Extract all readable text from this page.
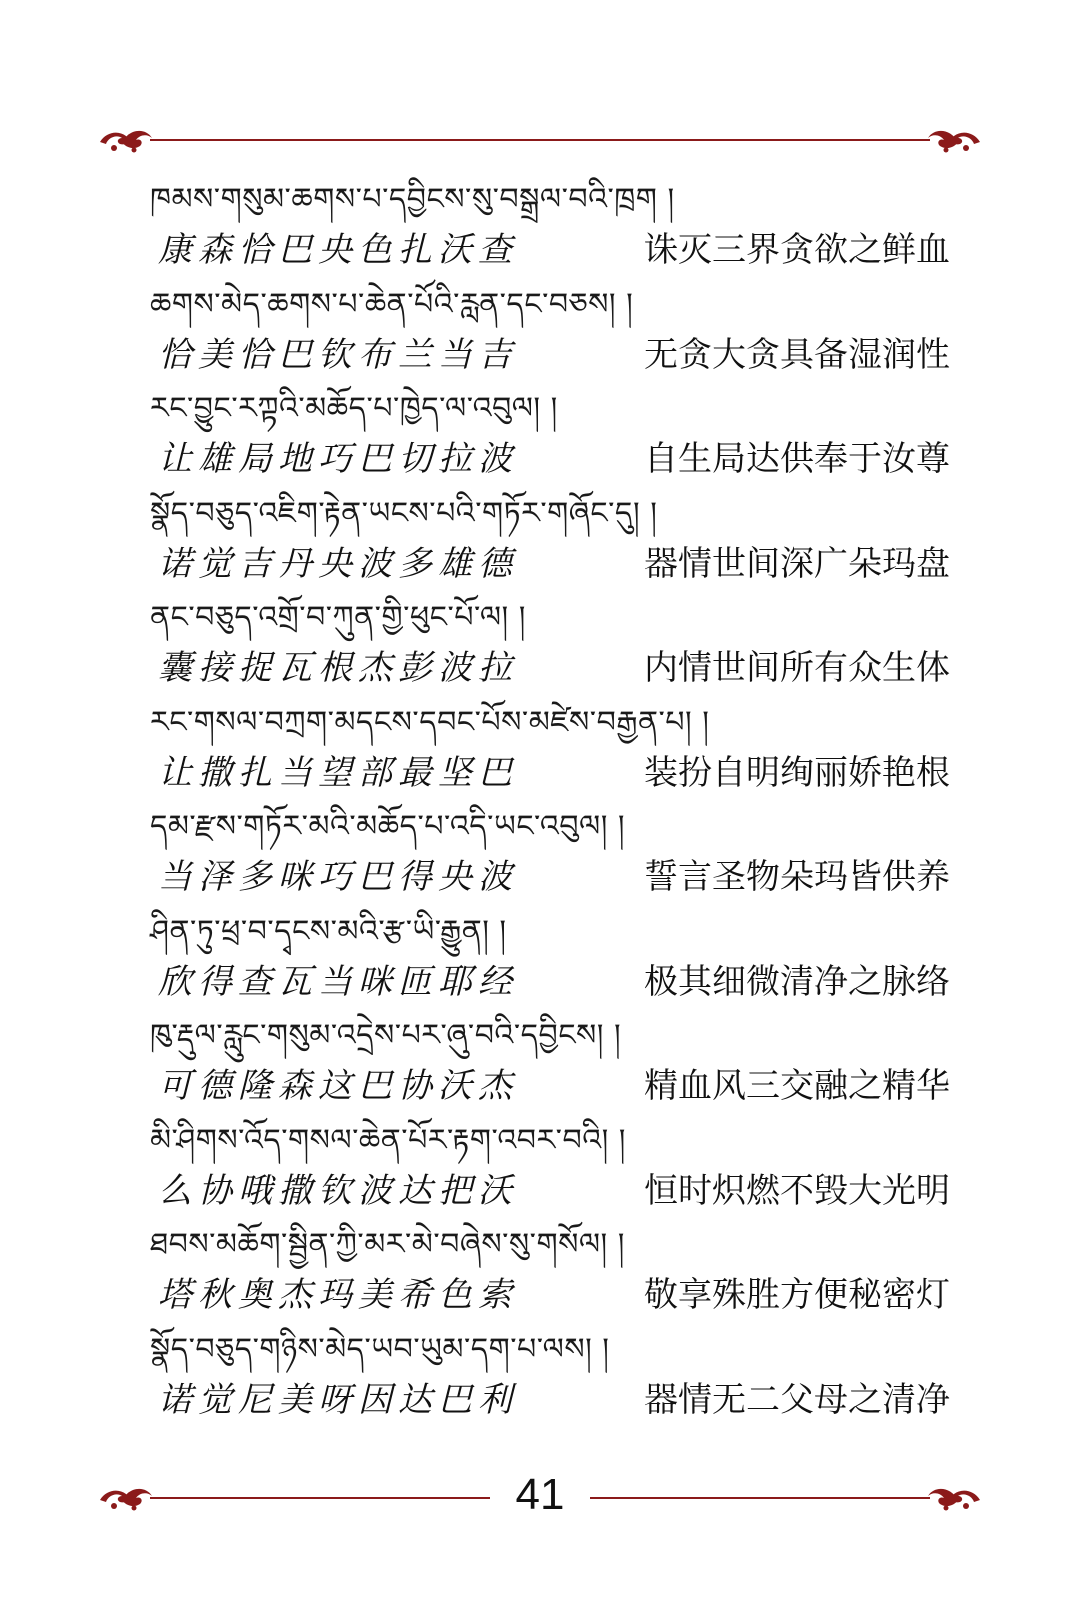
ཁམས་གསུམ་ཆགས་པ་དབྱིངས་སུ་བསྒྲལ་བའི་ཁྲག །
康森恰巴央色扎沃查	诛灭三界贪欲之鲜血
ཆགས་མེད་ཆགས་པ་ཆེན་པོའི་རླན་དང་བཅས། །
恰美恰巴钦布兰当吉	无贪大贪具备湿润性
རང་བྱུང་རཀྟའི་མཆོད་པ་ཁྱེད་ལ་འབུལ། །
让雄局地巧巴切拉波	自生局达供奉于汝尊
སྣོད་བཅུད་འཇིག་རྟེན་ཡངས་པའི་གཏོར་གཞོང་དུ། །
诺觉吉丹央波多雄德	器情世间深广朵玛盘
ནང་བཅུད་འགྲོ་བ་ཀུན་གྱི་ཕུང་པོ་ལ། །
囊接捉瓦根杰彭波拉	内情世间所有众生体
རང་གསལ་བཀྲག་མདངས་དབང་པོས་མཛེས་བརྒྱན་པ། །
让撒扎当望部最坚巴	装扮自明绚丽娇艳根
དམ་རྫས་གཏོར་མའི་མཆོད་པ་འདི་ཡང་འབུལ། །
当泽多咪巧巴得央波	誓言圣物朵玛皆供养
ཤིན་ཏུ་ཕྲ་བ་དྭངས་མའི་རྩ་ཡི་རྒྱུན། །
欣得查瓦当咪匝耶经	极其细微清净之脉络
ཁུ་རྡུལ་རླུང་གསུམ་འདྲེས་པར་ཞུ་བའི་དབྱིངས། །
可德隆森这巴协沃杰	精血风三交融之精华
མི་ཤིགས་འོད་གསལ་ཆེན་པོར་རྟག་འབར་བའི། །
么协哦撒钦波达把沃	恒时炽燃不毁大光明
ཐབས་མཆོག་སྦྱིན་ཀྱི་མར་མེ་བཞེས་སུ་གསོལ། །
塔秋奥杰玛美希色索	敬享殊胜方便秘密灯
སྣོད་བཅུད་གཉིས་མེད་ཡབ་ཡུམ་དག་པ་ལས། །
诺觉尼美呀因达巴利	器情无二父母之清净
41
